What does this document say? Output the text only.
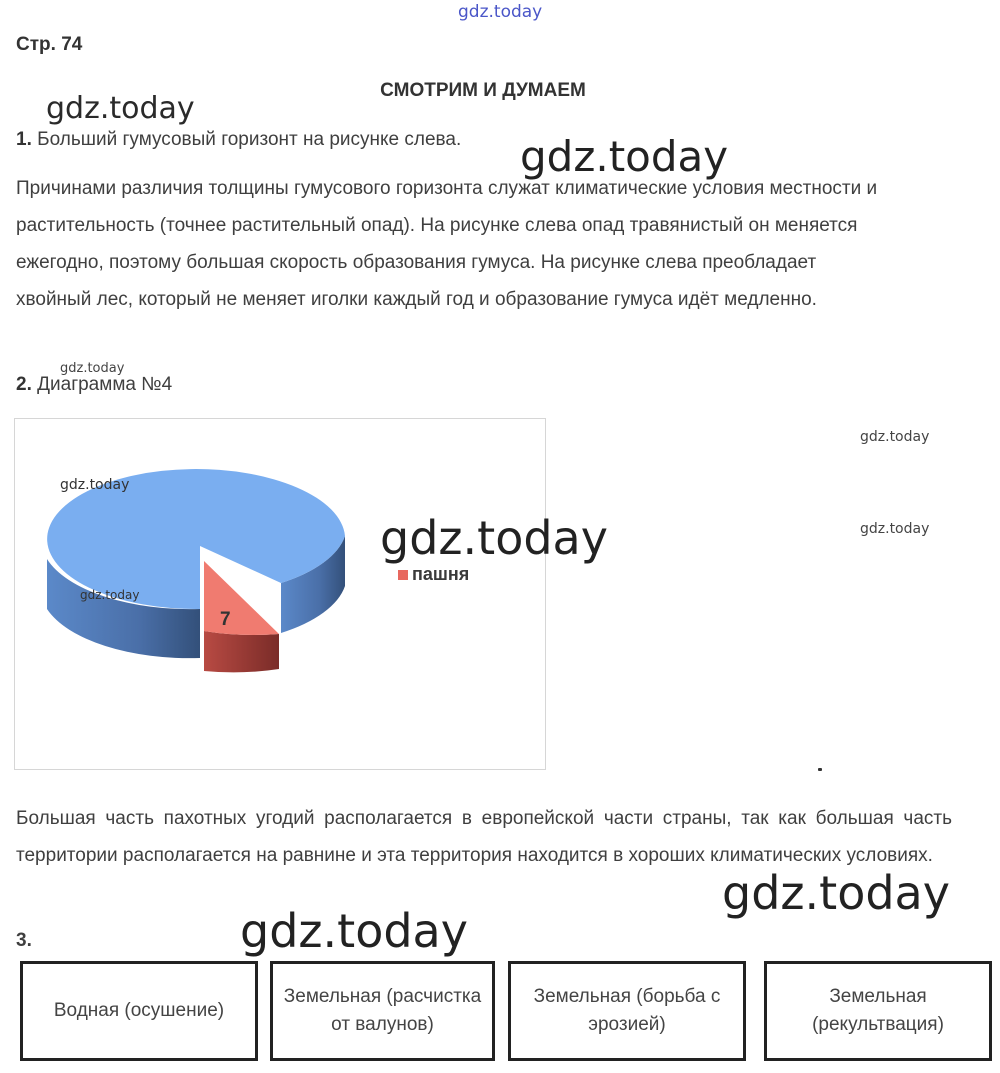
gdz.today
gdz.today
gdz.today
gdz.today
gdz.today
gdz.today
Стр. 74
СМОТРИМ И ДУМАЕМ
1. Больший гумусовый горизонт на рисунке слева.
Причинами различия толщины гумусового горизонта служат климатические условия местности и растительность (точнее растительный опад). На рисунке слева опад травянистый он меняется ежегодно, поэтому большая скорость образования гумуса. На рисунке слева преобладает хвойный лес, который не меняет иголки каждый год и образование гумуса идёт медленно.
2. Диаграмма №4
7
gdz.today
gdz.today
gdz.today
пашня
Большая часть пахотных угодий располагается в европейской части страны, так как большая часть территории располагается на равнине и эта территория находится в хороших климатических условиях.
gdz.today
3.	gdz.today
Водная (осушение)
Земельная (расчистка от валунов)
Земельная (борьба с эрозией)
Земельная (рекультвация)
